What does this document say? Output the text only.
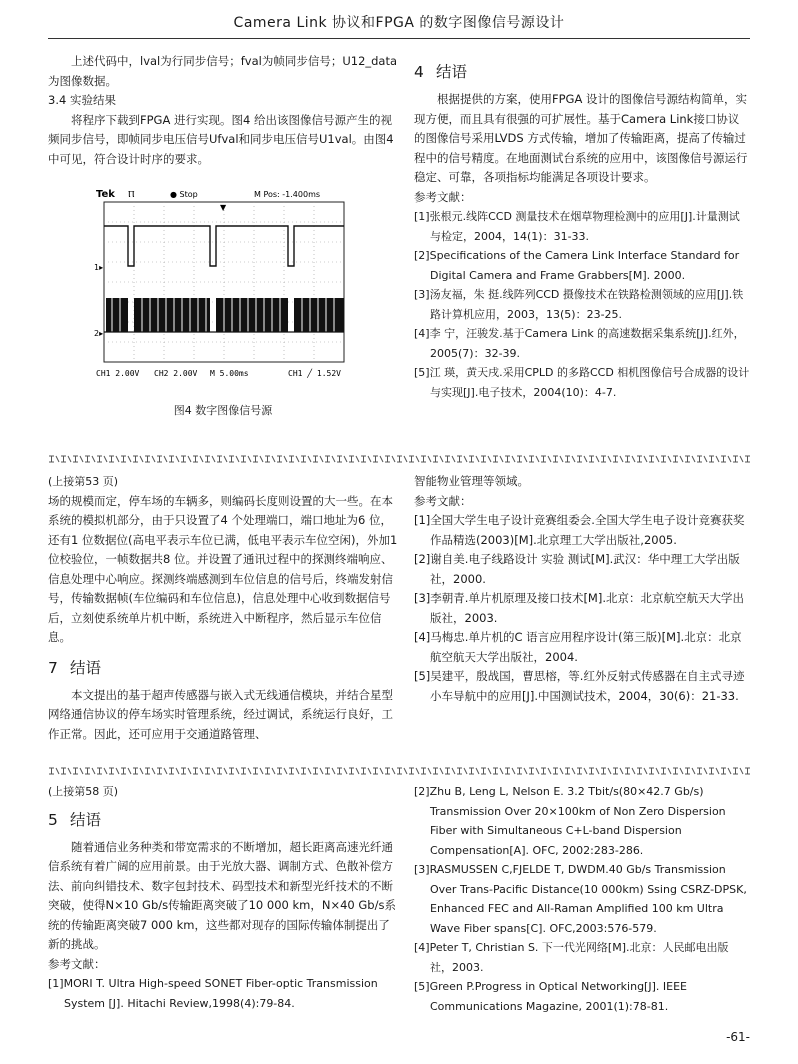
Camera Link 协议和FPGA 的数字图像信号源设计

上述代码中，lval为行同步信号；fval为帧同步信号；U12_data为图像数据。

3.4 实验结果

将程序下载到FPGA 进行实现。图4 给出该图像信号源产生的视频同步信号，即帧同步电压信号Ufval和同步电压信号U1val。由图4 中可见，符合设计时序的要求。

Tek Ⲡ	● Stop	M Pos: -1.400ms
▼
1▸
2▸
CH1 2.00V CH2 2.00V M 5.00ms	CH1 ╱ 1.52V
图4 数字图像信号源
4 结语

根据提供的方案，使用FPGA 设计的图像信号源结构简单，实现方便，而且具有很强的可扩展性。基于Camera Link接口协议的图像信号采用LVDS 方式传输，增加了传输距离，提高了传输过程中的信号精度。在地面测试台系统的应用中，该图像信号源运行稳定、可靠，各项指标均能满足各项设计要求。

参考文献：

[1]张根元.线阵CCD 测量技术在烟草物理检测中的应用[J].计量测试与检定，2004，14(1)：31-33.

[2]Specifications of the Camera Link Interface Standard for Digital Camera and Frame Grabbers[M]. 2000.

[3]汤友福，朱 挺.线阵列CCD 摄像技术在铁路检测领域的应用[J].铁路计算机应用，2003，13(5)：23-25.

[4]李 宁，汪骏发.基于Camera Link 的高速数据采集系统[J].红外，2005(7)：32-39.

[5]江 瑛，黄天戌.采用CPLD 的多路CCD 相机图像信号合成器的设计与实现[J].电子技术，2004(10)：4-7.

(上接第53 页)

场的规模而定，停车场的车辆多，则编码长度则设置的大一些。在本系统的模拟机部分，由于只设置了4 个处理端口，端口地址为6 位，还有1 位数据位(高电平表示车位已满，低电平表示车位空闲)，外加1 位校验位，一帧数据共8 位。并设置了通讯过程中的探测终端响应、信息处理中心响应。探测终端感测到车位信息的信号后，终端发射信号，传输数据帧(车位编码和车位信息)，信息处理中心收到数据信号后，立刻使系统单片机中断，系统进入中断程序，然后显示车位信息。

7 结语

本文提出的基于超声传感器与嵌入式无线通信模块，并结合星型网络通信协议的停车场实时管理系统，经过调试，系统运行良好，工作正常。因此，还可应用于交通道路管理、

智能物业管理等领域。

参考文献：

[1]全国大学生电子设计竞赛组委会.全国大学生电子设计竞赛获奖作品精选(2003)[M].北京理工大学出版社,2005.

[2]谢自美.电子线路设计 实验 测试[M].武汉：华中理工大学出版社，2000.

[3]李朝青.单片机原理及接口技术[M].北京：北京航空航天大学出版社，2003.

[4]马梅忠.单片机的C 语言应用程序设计(第三版)[M].北京：北京航空航天大学出版社，2004.

[5]吴建平，殷战国，曹思榕，等.红外反射式传感器在自主式寻迹小车导航中的应用[J].中国测试技术，2004，30(6)：21-33.

(上接第58 页)

5 结语

随着通信业务种类和带宽需求的不断增加，超长距离高速光纤通信系统有着广阔的应用前景。由于光放大器、调制方式、色散补偿方法、前向纠错技术、数字包封技术、码型技术和新型光纤技术的不断突破，使得N×10 Gb/s传输距离突破了10 000 km，N×40 Gb/s系统的传输距离突破7 000 km，这些都对现存的国际传输体制提出了新的挑战。

参考文献：

[1]MORI T. Ultra High-speed SONET Fiber-optic Transmission System [J]. Hitachi Review,1998(4):79-84.

[2]Zhu B, Leng L, Nelson E. 3.2 Tbit/s(80×42.7 Gb/s) Transmission Over 20×100km of Non Zero Dispersion Fiber with Simultaneous C+L-band Dispersion Compensation[A]. OFC, 2002:283-286.

[3]RASMUSSEN C,FJELDE T, DWDM.40 Gb/s Transmission Over Trans-Pacific Distance(10 000km) Ssing CSRZ-DPSK, Enhanced FEC and All-Raman Amplified 100 km Ultra Wave Fiber spans[C]. OFC,2003:576-579.

[4]Peter T, Christian S. 下一代光网络[M].北京：人民邮电出版社，2003.

[5]Green P.Progress in Optical Networking[J]. IEEE Communications Magazine, 2001(1):78-81.

-61-
